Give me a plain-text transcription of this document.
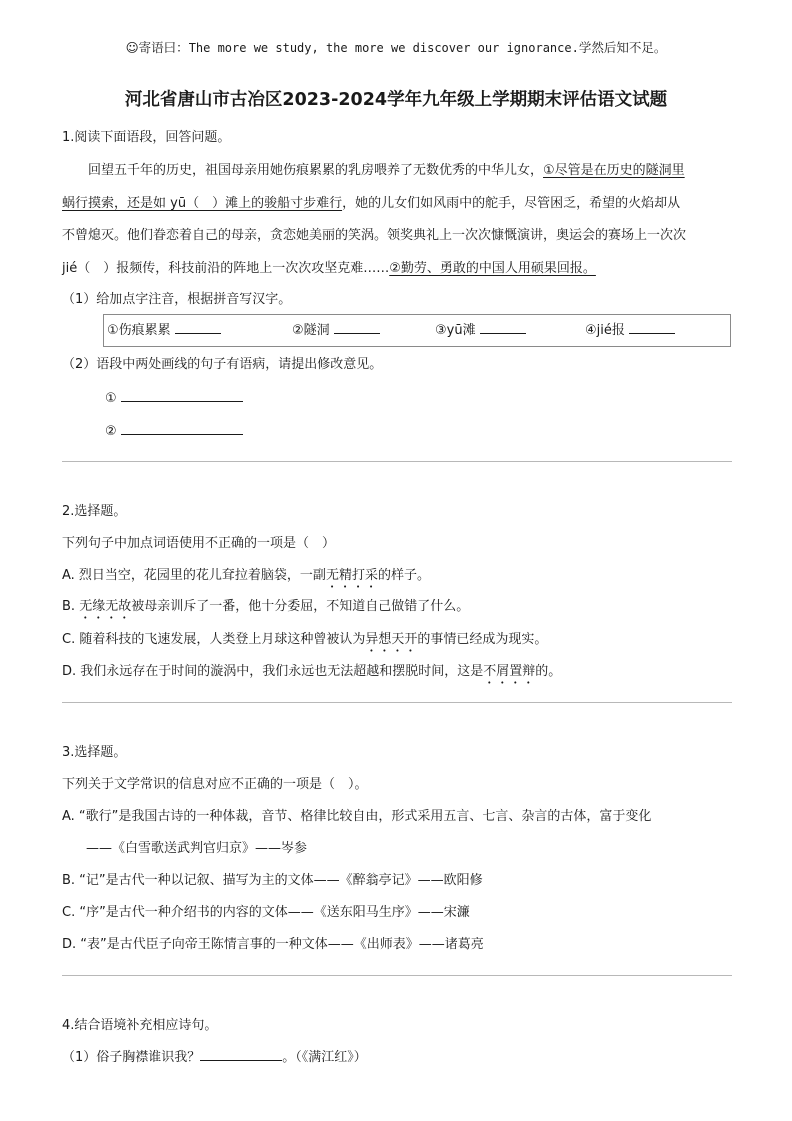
☺寄语曰：The more we study, the more we discover our ignorance.学然后知不足。
河北省唐山市古冶区2023-2024学年九年级上学期期末评估语文试题
1.阅读下面语段，回答问题。
回望五千年的历史，祖国母亲用她伤痕累累的乳房喂养了无数优秀的中华儿女，①尽管是在历史的隧洞里
蜗行摸索，还是如 yū（　）滩上的骏船寸步难行，她的儿女们如风雨中的舵手，尽管困乏，希望的火焰却从
不曾熄灭。他们眷恋着自己的母亲，贪恋她美丽的笑涡。领奖典礼上一次次慷慨演讲，奥运会的赛场上一次次
jié（　）报频传，科技前沿的阵地上一次次攻坚克难……②勤劳、勇敢的中国人用硕果回报。
（1）给加点字注音，根据拼音写汉字。
①伤痕累累	②隧洞	③yū滩	④jié报
（2）语段中两处画线的句子有语病，请提出修改意见。
①
②
2.选择题。
下列句子中加点词语使用不正确的一项是（　）
A. 烈日当空，花园里的花儿耷拉着脑袋，一副无精打采的样子。
B. 无缘无故被母亲训斥了一番，他十分委屈，不知道自己做错了什么。
C. 随着科技的飞速发展，人类登上月球这种曾被认为异想天开的事情已经成为现实。
D. 我们永远存在于时间的漩涡中，我们永远也无法超越和摆脱时间，这是不屑置辩的。
3.选择题。
下列关于文学常识的信息对应不正确的一项是（　）。
A. “歌行”是我国古诗的一种体裁，音节、格律比较自由，形式采用五言、七言、杂言的古体，富于变化
——《白雪歌送武判官归京》——岑参
B. “记”是古代一种以记叙、描写为主的文体——《醉翁亭记》——欧阳修
C. “序”是古代一种介绍书的内容的文体——《送东阳马生序》——宋濂
D. “表”是古代臣子向帝王陈情言事的一种文体——《出师表》——诸葛亮
4.结合语境补充相应诗句。
（1）俗子胸襟谁识我？	。（《满江红》）
